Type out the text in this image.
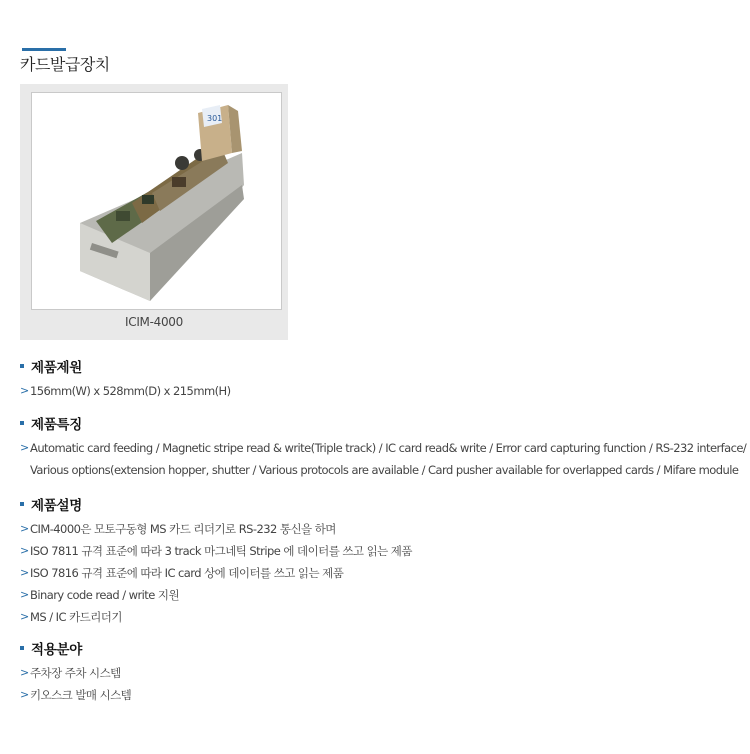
카드발급장치
301
ICIM-4000
제품제원
> 156mm(W) x 528mm(D) x 215mm(H)
제품특징
> Automatic card feeding / Magnetic stripe read & write(Triple track) / IC card read& write / Error card capturing function / RS-232 interface/
Various options(extension hopper, shutter / Various protocols are available / Card pusher available for overlapped cards / Mifare module
제품설명
> CIM-4000은 모토구동형 MS 카드 리더기로 RS-232 통신을 하며
> ISO 7811 규격 표준에 따라 3 track 마그네틱 Stripe 에 데이터를 쓰고 읽는 제품
> ISO 7816 규격 표준에 따라 IC card 상에 데이터를 쓰고 읽는 제품
> Binary code read / write 지원
> MS / IC 카드리더기
적용분야
> 주차장 주차 시스템
> 키오스크 발매 시스템
